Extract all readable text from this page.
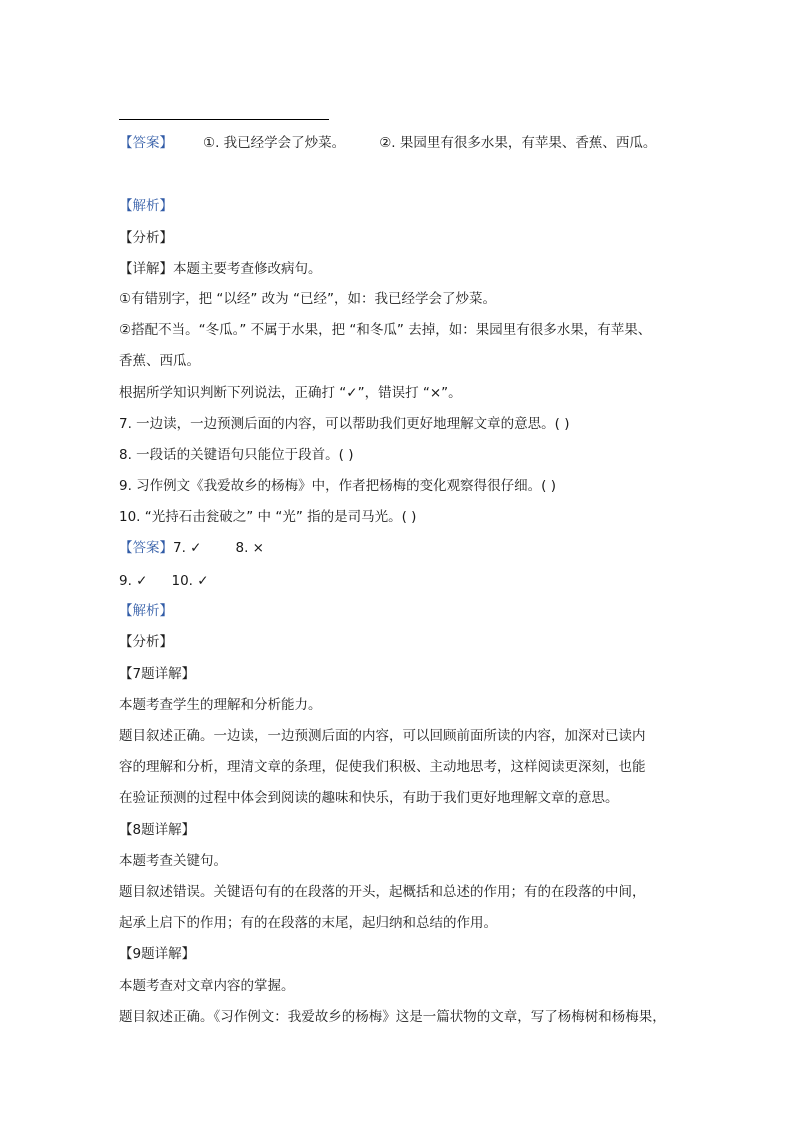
【答案】 ①. 我已经学会了炒菜。	②. 果园里有很多水果，有苹果、香蕉、西瓜。
【解析】
【分析】
【详解】本题主要考查修改病句。
①有错别字，把 “以经” 改为 “已经”，如：我已经学会了炒菜。
②搭配不当。“冬瓜。” 不属于水果，把 “和冬瓜” 去掉，如：果园里有很多水果，有苹果、
香蕉、西瓜。
根据所学知识判断下列说法，正确打 “✓”，错误打 “×”。
7. 一边读，一边预测后面的内容，可以帮助我们更好地理解文章的意思。( )
8. 一段话的关键语句只能位于段首。( )
9. 习作例文《我爱故乡的杨梅》中，作者把杨梅的变化观察得很仔细。( )
10. “光持石击瓮破之” 中 “光” 指的是司马光。( )
【答案】7. ✓	8. ×
9. ✓ 10. ✓
【解析】
【分析】
【7题详解】
本题考查学生的理解和分析能力。
题目叙述正确。一边读，一边预测后面的内容，可以回顾前面所读的内容，加深对已读内
容的理解和分析，理清文章的条理，促使我们积极、主动地思考，这样阅读更深刻，也能
在验证预测的过程中体会到阅读的趣味和快乐，有助于我们更好地理解文章的意思。
【8题详解】
本题考查关键句。
题目叙述错误。关键语句有的在段落的开头，起概括和总述的作用；有的在段落的中间，
起承上启下的作用；有的在段落的末尾，起归纳和总结的作用。
【9题详解】
本题考查对文章内容的掌握。
题目叙述正确。《习作例文：我爱故乡的杨梅》这是一篇状物的文章，写了杨梅树和杨梅果，
